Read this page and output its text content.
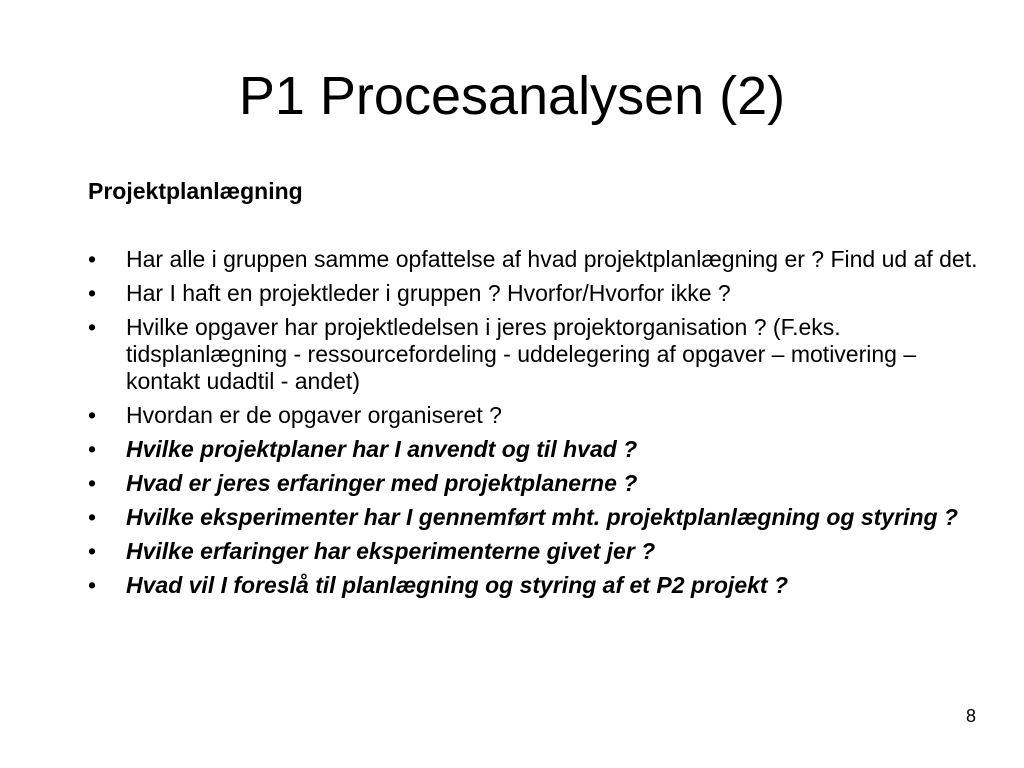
P1 Procesanalysen (2)
Projektplanlægning
• Har alle i gruppen samme opfattelse af hvad projektplanlægning er ? Find ud af det.
• Har I haft en projektleder i gruppen ? Hvorfor/Hvorfor ikke ?
• Hvilke opgaver har projektledelsen i jeres projektorganisation ? (F.eks. tidsplanlægning - ressourcefordeling - uddelegering af opgaver – motivering – kontakt udadtil - andet)
• Hvordan er de opgaver organiseret ?
• Hvilke projektplaner har I anvendt og til hvad ?
• Hvad er jeres erfaringer med projektplanerne ?
• Hvilke eksperimenter har I gennemført mht. projektplanlægning og styring ?
• Hvilke erfaringer har eksperimenterne givet jer ?
• Hvad vil I foreslå til planlægning og styring af et P2 projekt ?
8
